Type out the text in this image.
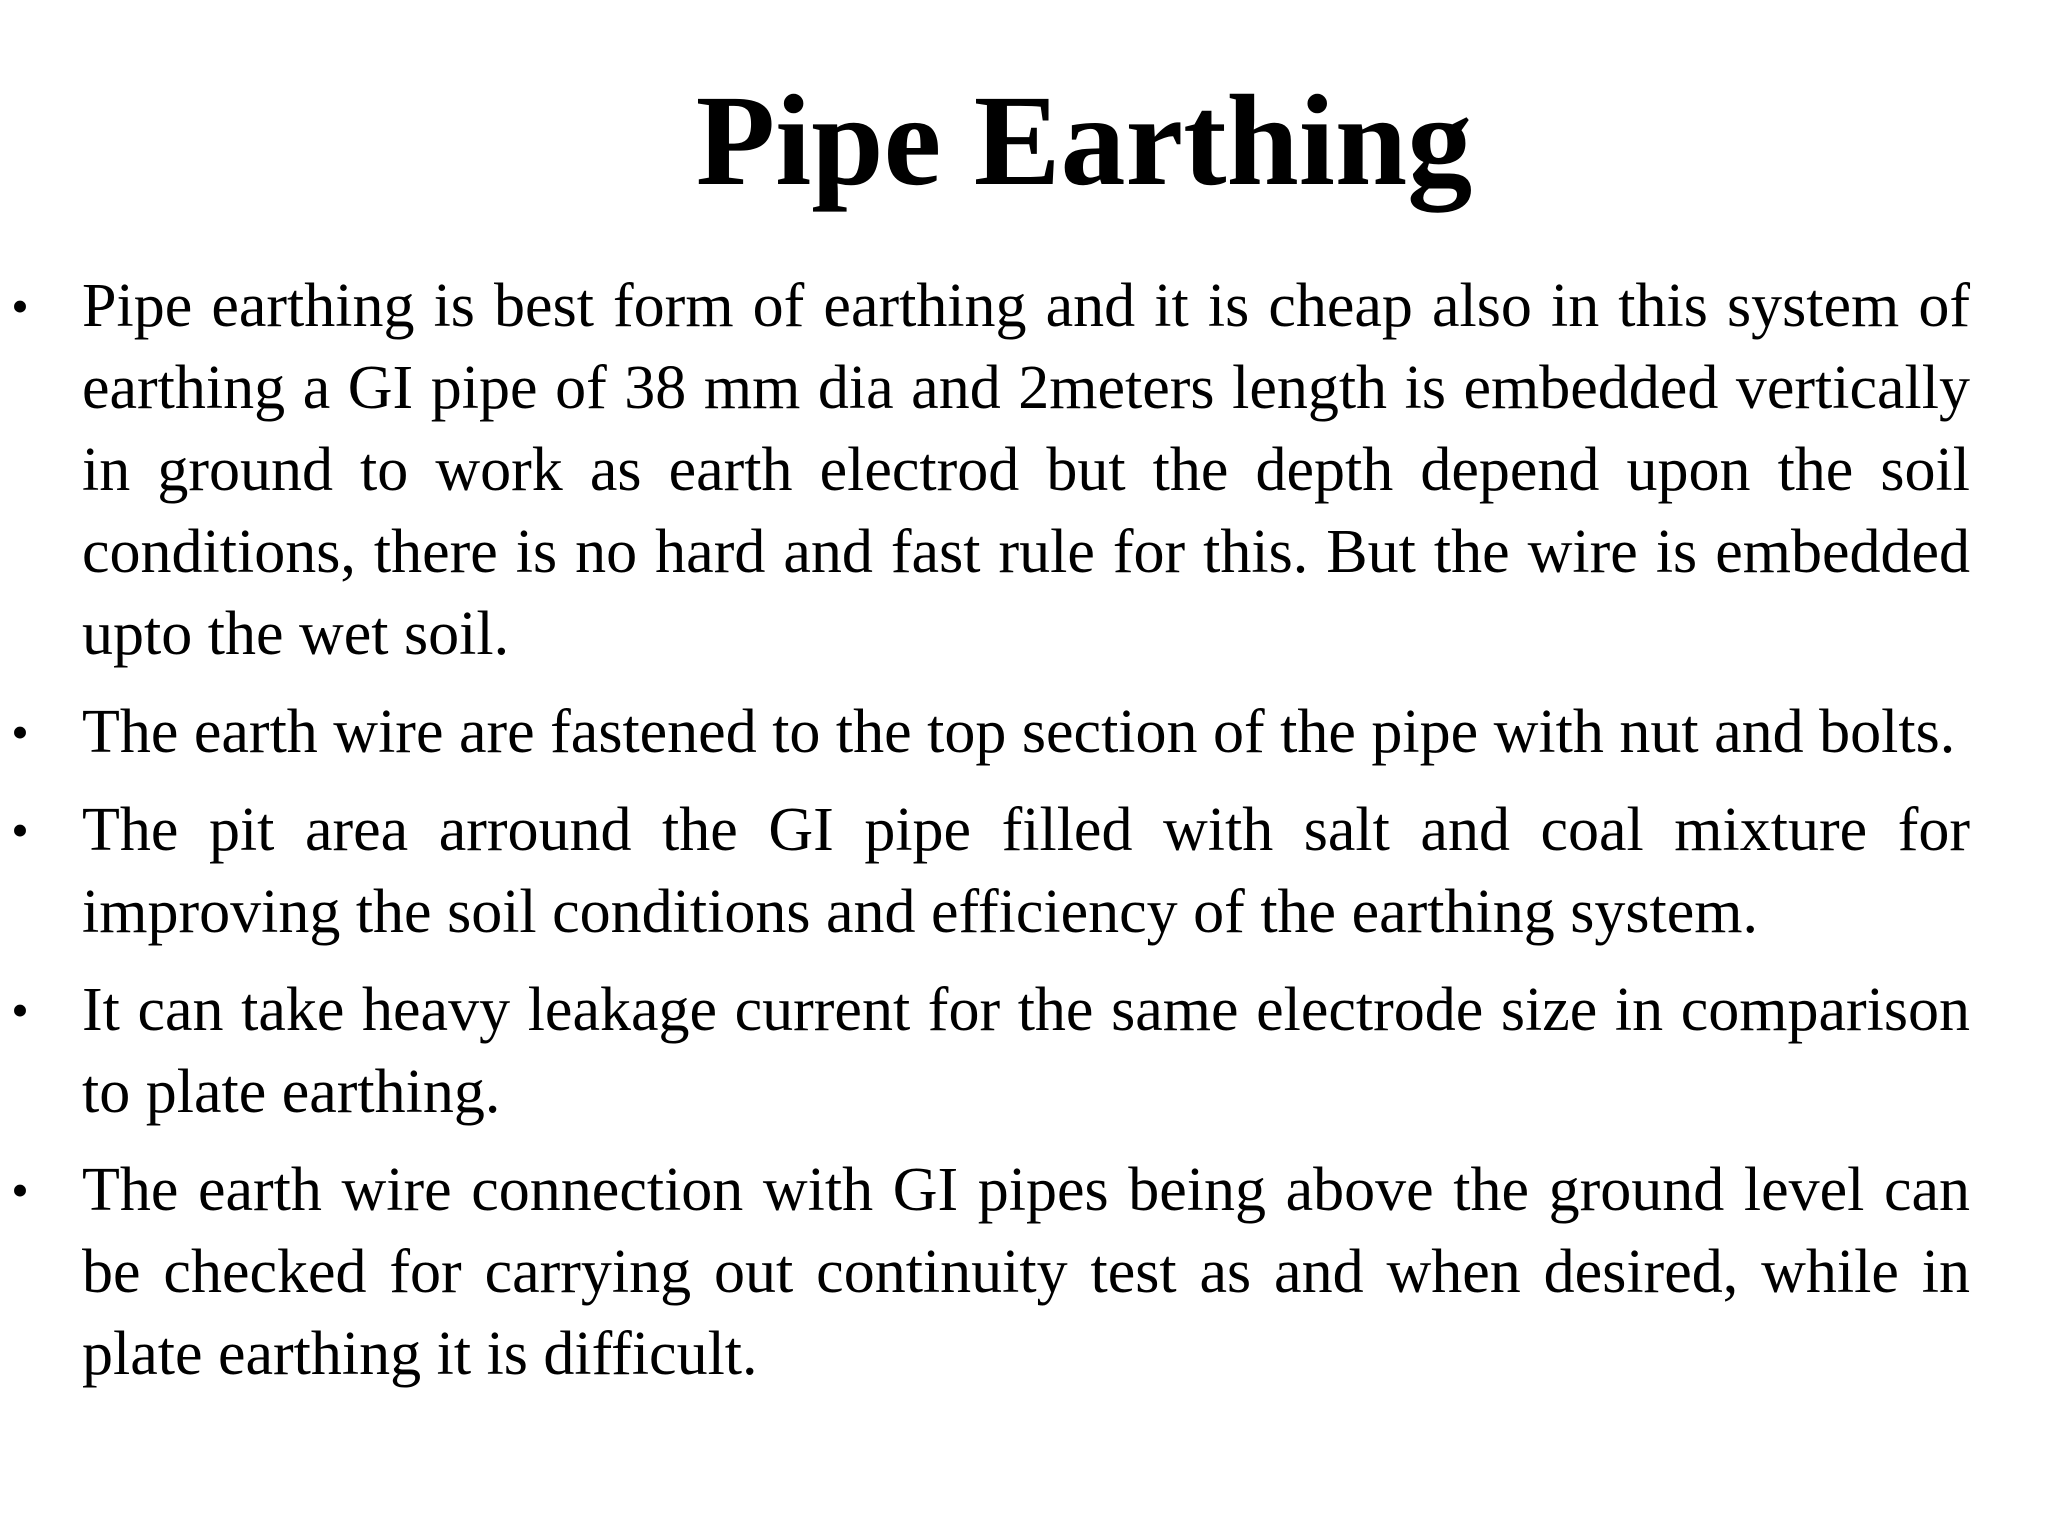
Pipe Earthing
• Pipe earthing is best form of earthing and it is cheap also in this system of earthing a GI pipe of 38 mm dia and 2meters length is embedded vertically in ground to work as earth electrod but the depth depend upon the soil conditions, there is no hard and fast rule for this. But the wire is embedded upto the wet soil.
• The earth wire are fastened to the top section of the pipe with nut and bolts.
• The pit area arround the GI pipe filled with salt and coal mixture for improving the soil conditions and efficiency of the earthing system.
• It can take heavy leakage current for the same electrode size in comparison to plate earthing.
• The earth wire connection with GI pipes being above the ground level can be checked for carrying out continuity test as and when desired, while in plate earthing it is difficult.
